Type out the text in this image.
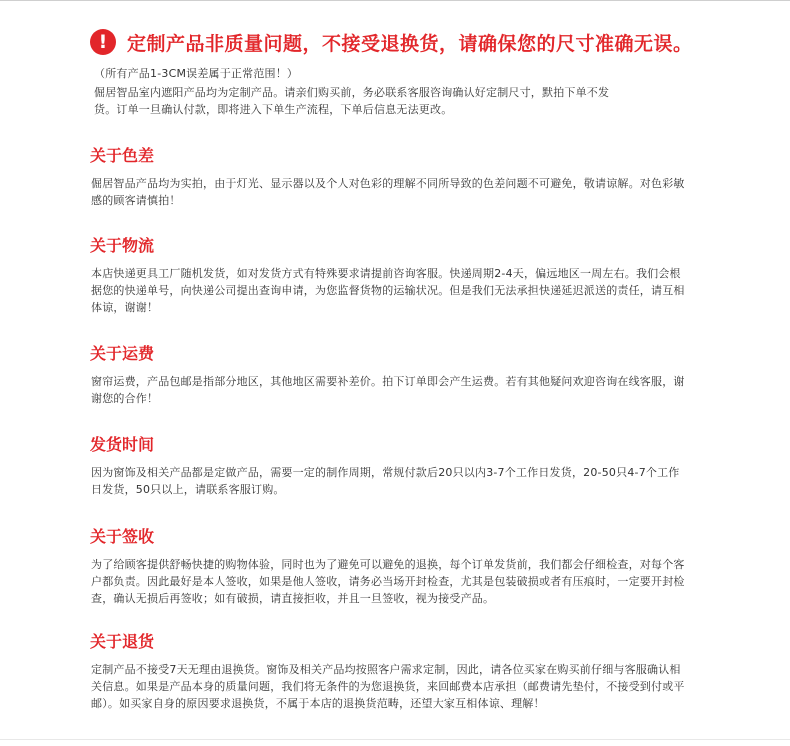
!	定制产品非质量问题，不接受退换货，请确保您的尺寸准确无误。
（所有产品1-3CM误差属于正常范围！）
倔居智品室内遮阳产品均为定制产品。请亲们购买前，务必联系客服咨询确认好定制尺寸，默拍下单不发货。订单一旦确认付款，即将进入下单生产流程，下单后信息无法更改。
关于色差
倔居智品产品均为实拍，由于灯光、显示器以及个人对色彩的理解不同所导致的色差问题不可避免，敬请谅解。对色彩敏感的顾客请慎拍！
关于物流
本店快递更具工厂随机发货，如对发货方式有特殊要求请提前咨询客服。快递周期2-4天，偏远地区一周左右。我们会根据您的快递单号，向快递公司提出查询申请，为您监督货物的运输状况。但是我们无法承担快递延迟派送的责任，请互相体谅，谢谢！
关于运费
窗帘运费，产品包邮是指部分地区，其他地区需要补差价。拍下订单即会产生运费。若有其他疑问欢迎咨询在线客服，谢谢您的合作！
发货时间
因为窗饰及相关产品都是定做产品，需要一定的制作周期，常规付款后20只以内3-7个工作日发货，20-50只4-7个工作日发货，50只以上，请联系客服订购。
关于签收
为了给顾客提供舒畅快捷的购物体验，同时也为了避免可以避免的退换，每个订单发货前，我们都会仔细检查，对每个客户都负责。因此最好是本人签收，如果是他人签收，请务必当场开封检查，尤其是包装破损或者有压痕时，一定要开封检查，确认无损后再签收；如有破损，请直接拒收，并且一旦签收，视为接受产品。
关于退货
定制产品不接受7天无理由退换货。窗饰及相关产品均按照客户需求定制，因此，请各位买家在购买前仔细与客服确认相关信息。如果是产品本身的质量问题，我们将无条件的为您退换货，来回邮费本店承担（邮费请先垫付，不接受到付或平邮）。如买家自身的原因要求退换货，不属于本店的退换货范畴，还望大家互相体谅、理解！
